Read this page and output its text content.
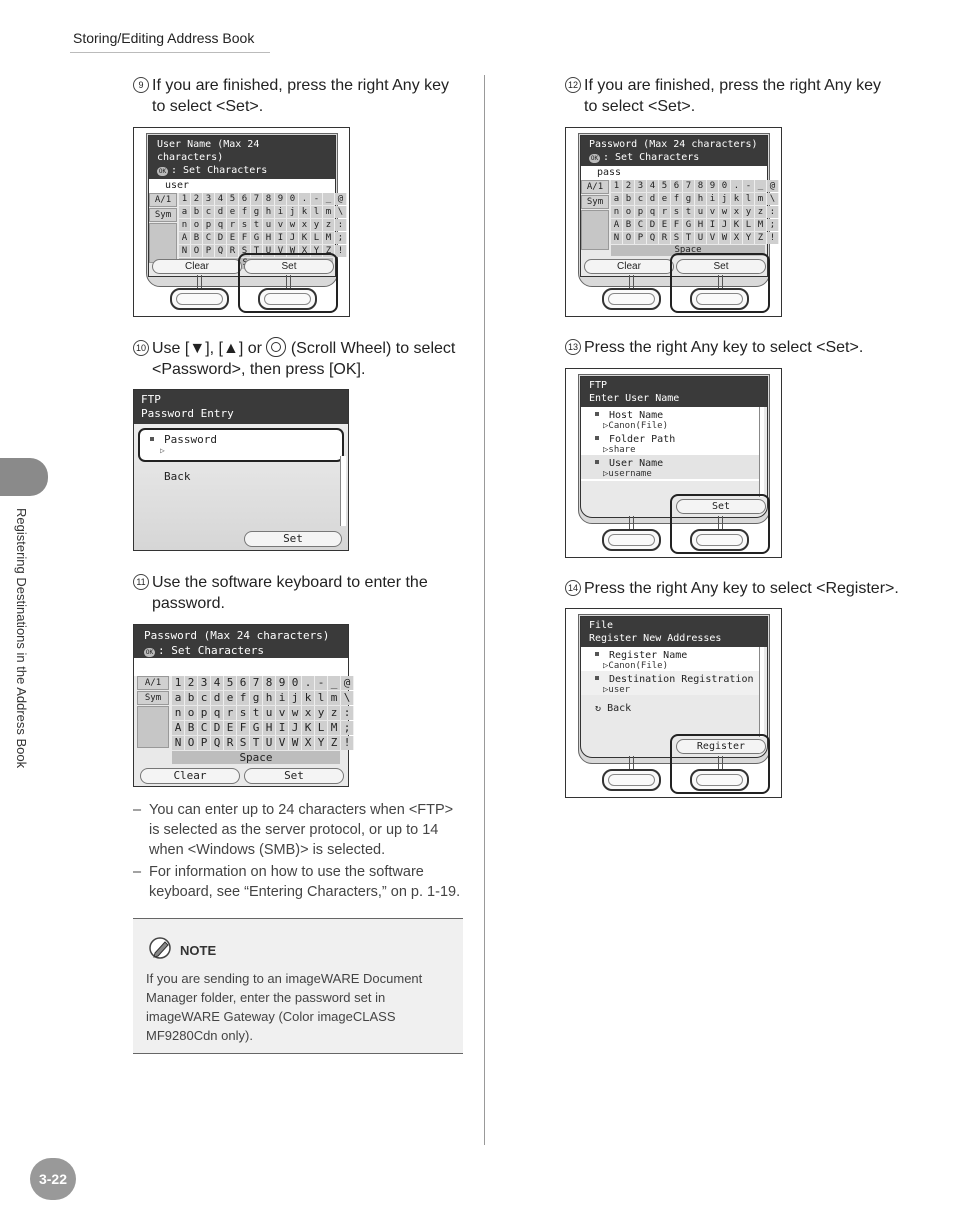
Storing/Editing Address Book
Registering Destinations in the Address Book
3-22
9 If you are finished, press the right Any key
to select <Set>.
User Name (Max 24 characters)
OK : Set Characters
user
A/1
Sym
1 2 3 4 5 6 7 8 9 0 . - _ @
a b c d e f g h i j k l m \
n o p q r s t u v w x y z :
A B C D E F G H I J K L M ;
N O P Q R S T U V W X Y Z !
Clear	Set
10 Use [▼], [▲] or (Scroll Wheel) to select
<Password>, then press [OK].
FTP
Password Entry
Password
▷
Back
Set
11 Use the software keyboard to enter the
password.
Password (Max 24 characters)
OK : Set Characters
A/1
Sym
1 2 3 4 5 6 7 8 9 0 . - _ @
a b c d e f g h i j k l m \
n o p q r s t u v w x y z :
A B C D E F G H I J K L M ;
N O P Q R S T U V W X Y Z !
Space
Clear	Set
– You can enter up to 24 characters when <FTP> is selected as the server protocol, or up to 14 when <Windows (SMB)> is selected.
– For information on how to use the software keyboard, see “Entering Characters,” on p. 1-19.
NOTE
If you are sending to an imageWARE Document Manager folder, enter the password set in imageWARE Gateway (Color imageCLASS MF9280Cdn only).
12 If you are finished, press the right Any key
to select <Set>.
Password (Max 24 characters)
OK : Set Characters
pass
A/1
Sym
1 2 3 4 5 6 7 8 9 0 . - _ @
a b c d e f g h i j k l m \
n o p q r s t u v w x y z :
A B C D E F G H I J K L M ;
N O P Q R S T U V W X Y Z !
Space
Clear	Set
13 Press the right Any key to select <Set>.
FTP
Enter User Name
Host Name
▷Canon(File)
Folder Path
▷share
User Name
▷username
Set
14 Press the right Any key to select <Register>.
File
Register New Addresses
Register Name
▷Canon(File)
Destination Registration
▷user
↻ Back
Register
